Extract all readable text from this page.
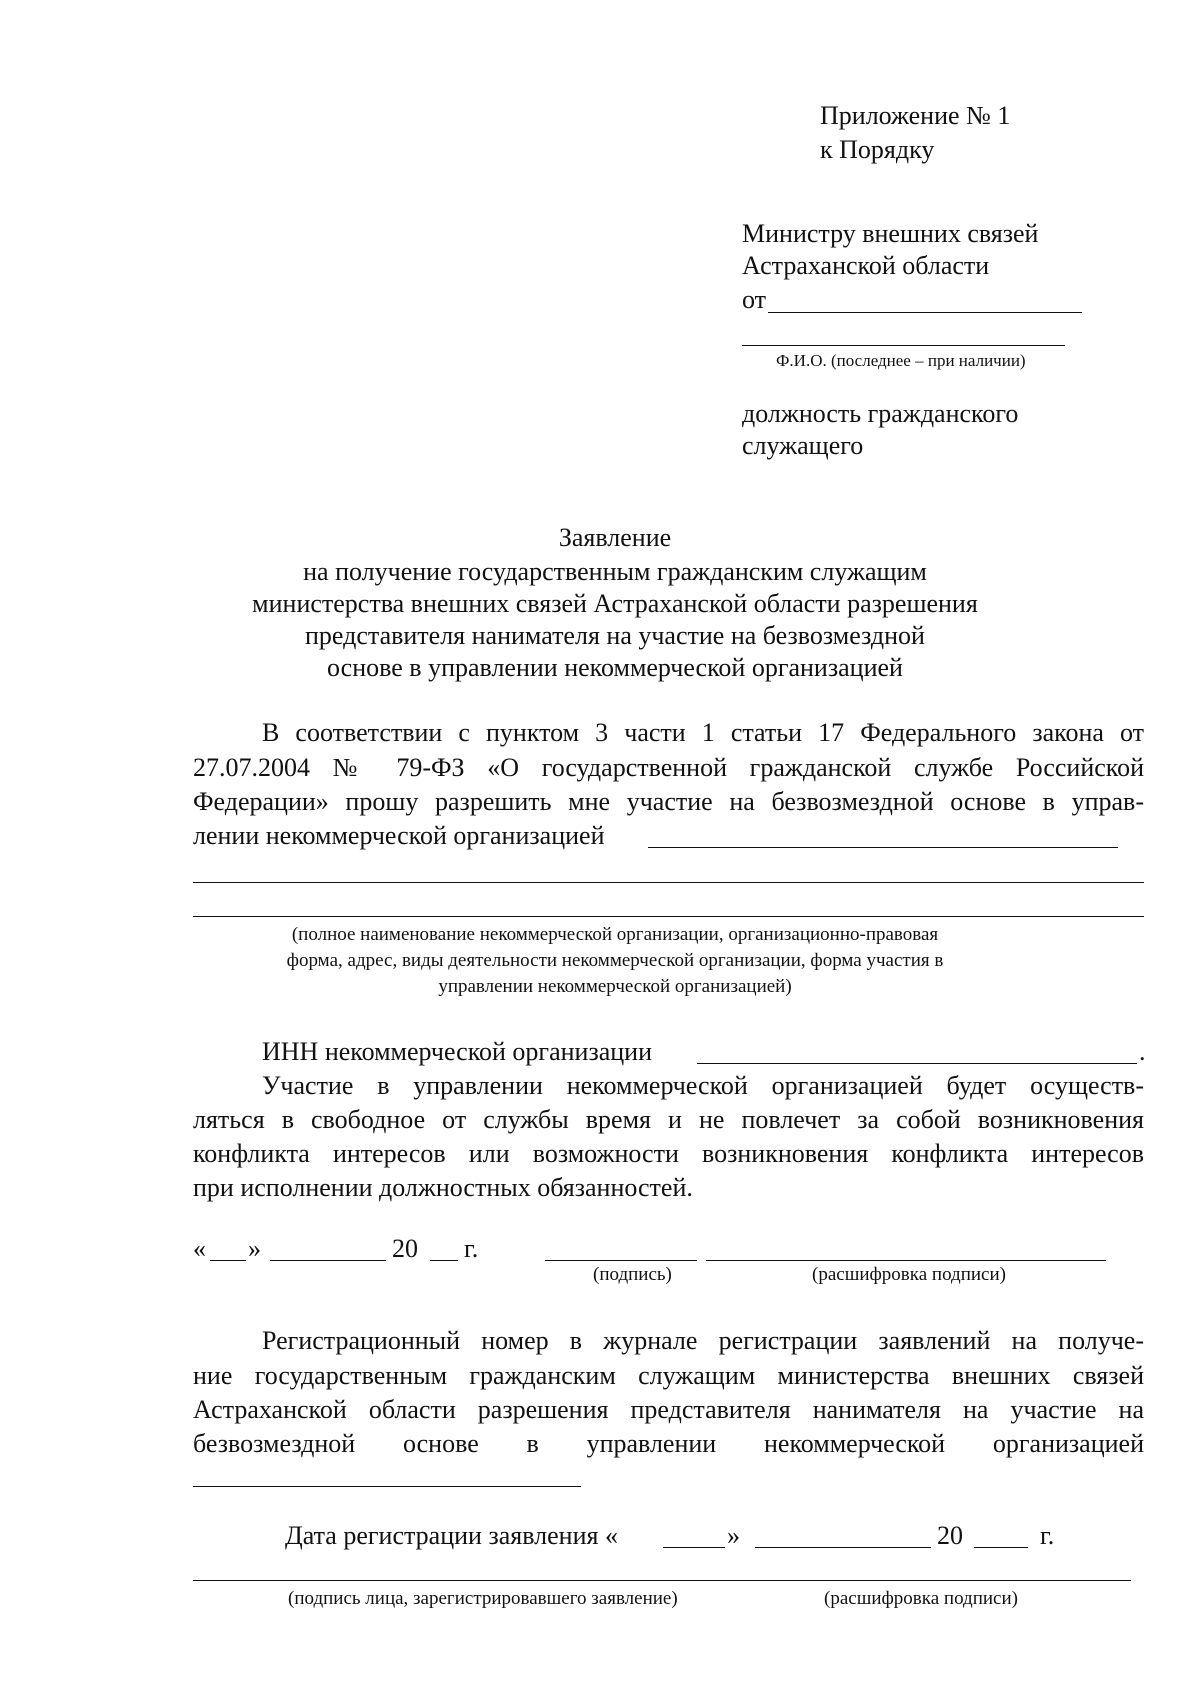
Приложение № 1
к Порядку
Министру внешних связей
Астраханской области
от
Ф.И.О. (последнее – при наличии)
должность гражданского
служащего
Заявление
на получение государственным гражданским служащим
министерства внешних связей Астраханской области разрешения
представителя нанимателя на участие на безвозмездной
основе в управлении некоммерческой организацией
В соответствии с пунктом 3 части 1 статьи 17 Федерального закона от
27.07.2004 № 79-ФЗ «О государственной гражданской службе Российской
Федерации» прошу разрешить мне участие на безвозмездной основе в управ-
лении некоммерческой организацией
(полное наименование некоммерческой организации, организационно-правовая
форма, адрес, виды деятельности некоммерческой организации, форма участия в
управлении некоммерческой организацией)
ИНН некоммерческой организации	.
Участие в управлении некоммерческой организацией будет осуществ-
ляться в свободное от службы время и не повлечет за собой возникновения
конфликта интересов или возможности возникновения конфликта интересов
при исполнении должностных обязанностей.
« »	20 г.
(подпись)	(расшифровка подписи)
Регистрационный номер в журнале регистрации заявлений на получе-
ние государственным гражданским служащим министерства внешних связей
Астраханской области разрешения представителя нанимателя на участие на
безвозмездной основе в управлении некоммерческой организацией
Дата регистрации заявления «	»	20	г.
(подпись лица, зарегистрировавшего заявление)	(расшифровка подписи)
